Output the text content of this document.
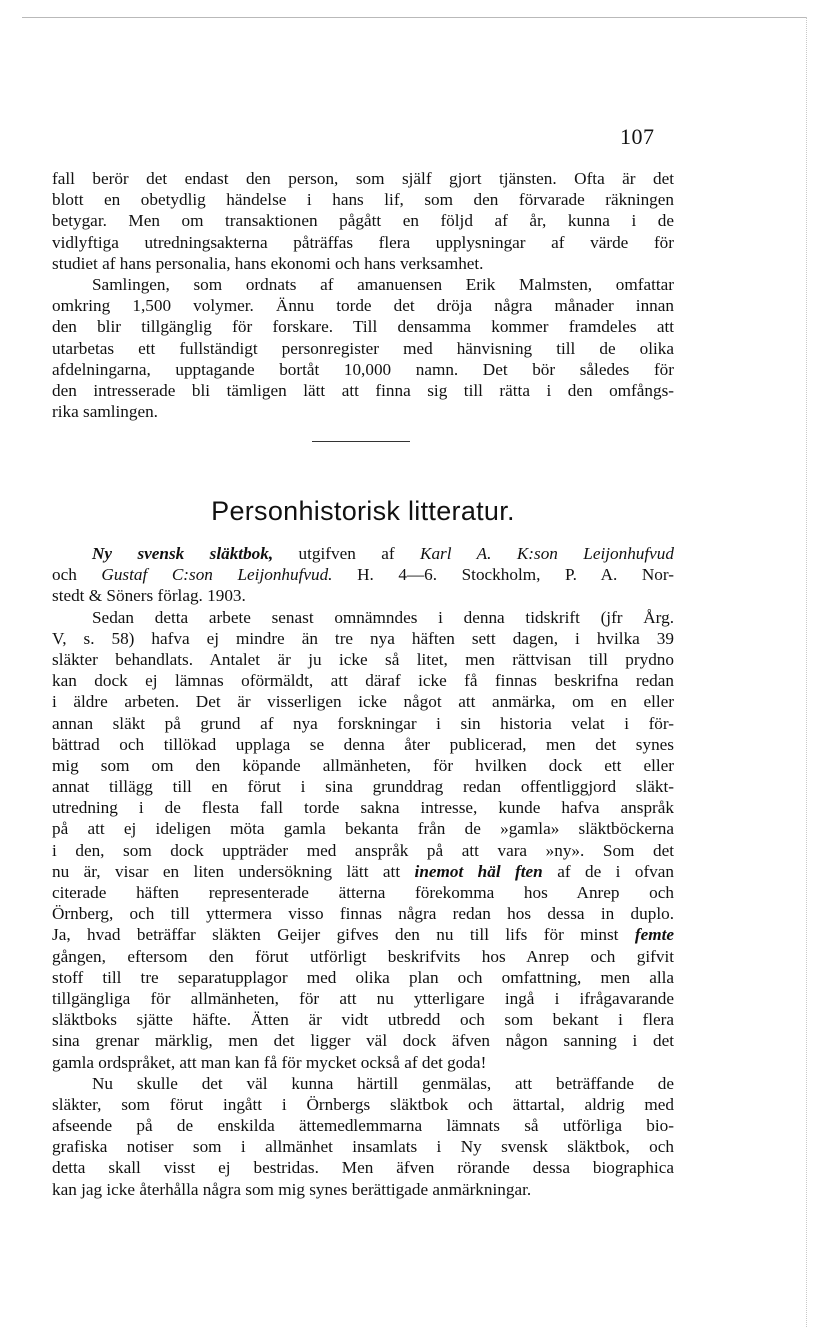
107
fall berör det endast den person, som själf gjort tjänsten. Ofta är det
blott en obetydlig händelse i hans lif, som den förvarade räkningen
betygar. Men om transaktionen pågått en följd af år, kunna i de
vidlyftiga utredningsakterna påträffas flera upplysningar af värde för
studiet af hans personalia, hans ekonomi och hans verksamhet.
Samlingen, som ordnats af amanuensen Erik Malmsten, omfattar
omkring 1,500 volymer. Ännu torde det dröja några månader innan
den blir tillgänglig för forskare. Till densamma kommer framdeles att
utarbetas ett fullständigt personregister med hänvisning till de olika
afdelningarna, upptagande bortåt 10,000 namn. Det bör således för
den intresserade bli tämligen lätt att finna sig till rätta i den omfångs-
rika samlingen.
Personhistorisk litteratur.
Ny svensk släktbok, utgifven af Karl A. K:son Leijonhufvud
och Gustaf C:son Leijonhufvud. H. 4—6. Stockholm, P. A. Nor-
stedt & Söners förlag. 1903.
Sedan detta arbete senast omnämndes i denna tidskrift (jfr Årg.
V, s. 58) hafva ej mindre än tre nya häften sett dagen, i hvilka 39
släkter behandlats. Antalet är ju icke så litet, men rättvisan till prydno
kan dock ej lämnas oförmäldt, att däraf icke få finnas beskrifna redan
i äldre arbeten. Det är visserligen icke något att anmärka, om en eller
annan släkt på grund af nya forskningar i sin historia velat i för-
bättrad och tillökad upplaga se denna åter publicerad, men det synes
mig som om den köpande allmänheten, för hvilken dock ett eller
annat tillägg till en förut i sina grunddrag redan offentliggjord släkt-
utredning i de flesta fall torde sakna intresse, kunde hafva anspråk
på att ej ideligen möta gamla bekanta från de »gamla» släktböckerna
i den, som dock uppträder med anspråk på att vara »ny». Som det
nu är, visar en liten undersökning lätt att inemot häl ften af de i ofvan
citerade häften representerade ätterna förekomma hos Anrep och
Örnberg, och till yttermera visso finnas några redan hos dessa in duplo.
Ja, hvad beträffar släkten Geijer gifves den nu till lifs för minst femte
gången, eftersom den förut utförligt beskrifvits hos Anrep och gifvit
stoff till tre separatupplagor med olika plan och omfattning, men alla
tillgängliga för allmänheten, för att nu ytterligare ingå i ifrågavarande
släktboks sjätte häfte. Ätten är vidt utbredd och som bekant i flera
sina grenar märklig, men det ligger väl dock äfven någon sanning i det
gamla ordspråket, att man kan få för mycket också af det goda!
Nu skulle det väl kunna härtill genmälas, att beträffande de
släkter, som förut ingått i Örnbergs släktbok och ättartal, aldrig med
afseende på de enskilda ättemedlemmarna lämnats så utförliga bio-
grafiska notiser som i allmänhet insamlats i Ny svensk släktbok, och
detta skall visst ej bestridas. Men äfven rörande dessa biographica
kan jag icke återhålla några som mig synes berättigade anmärkningar.
